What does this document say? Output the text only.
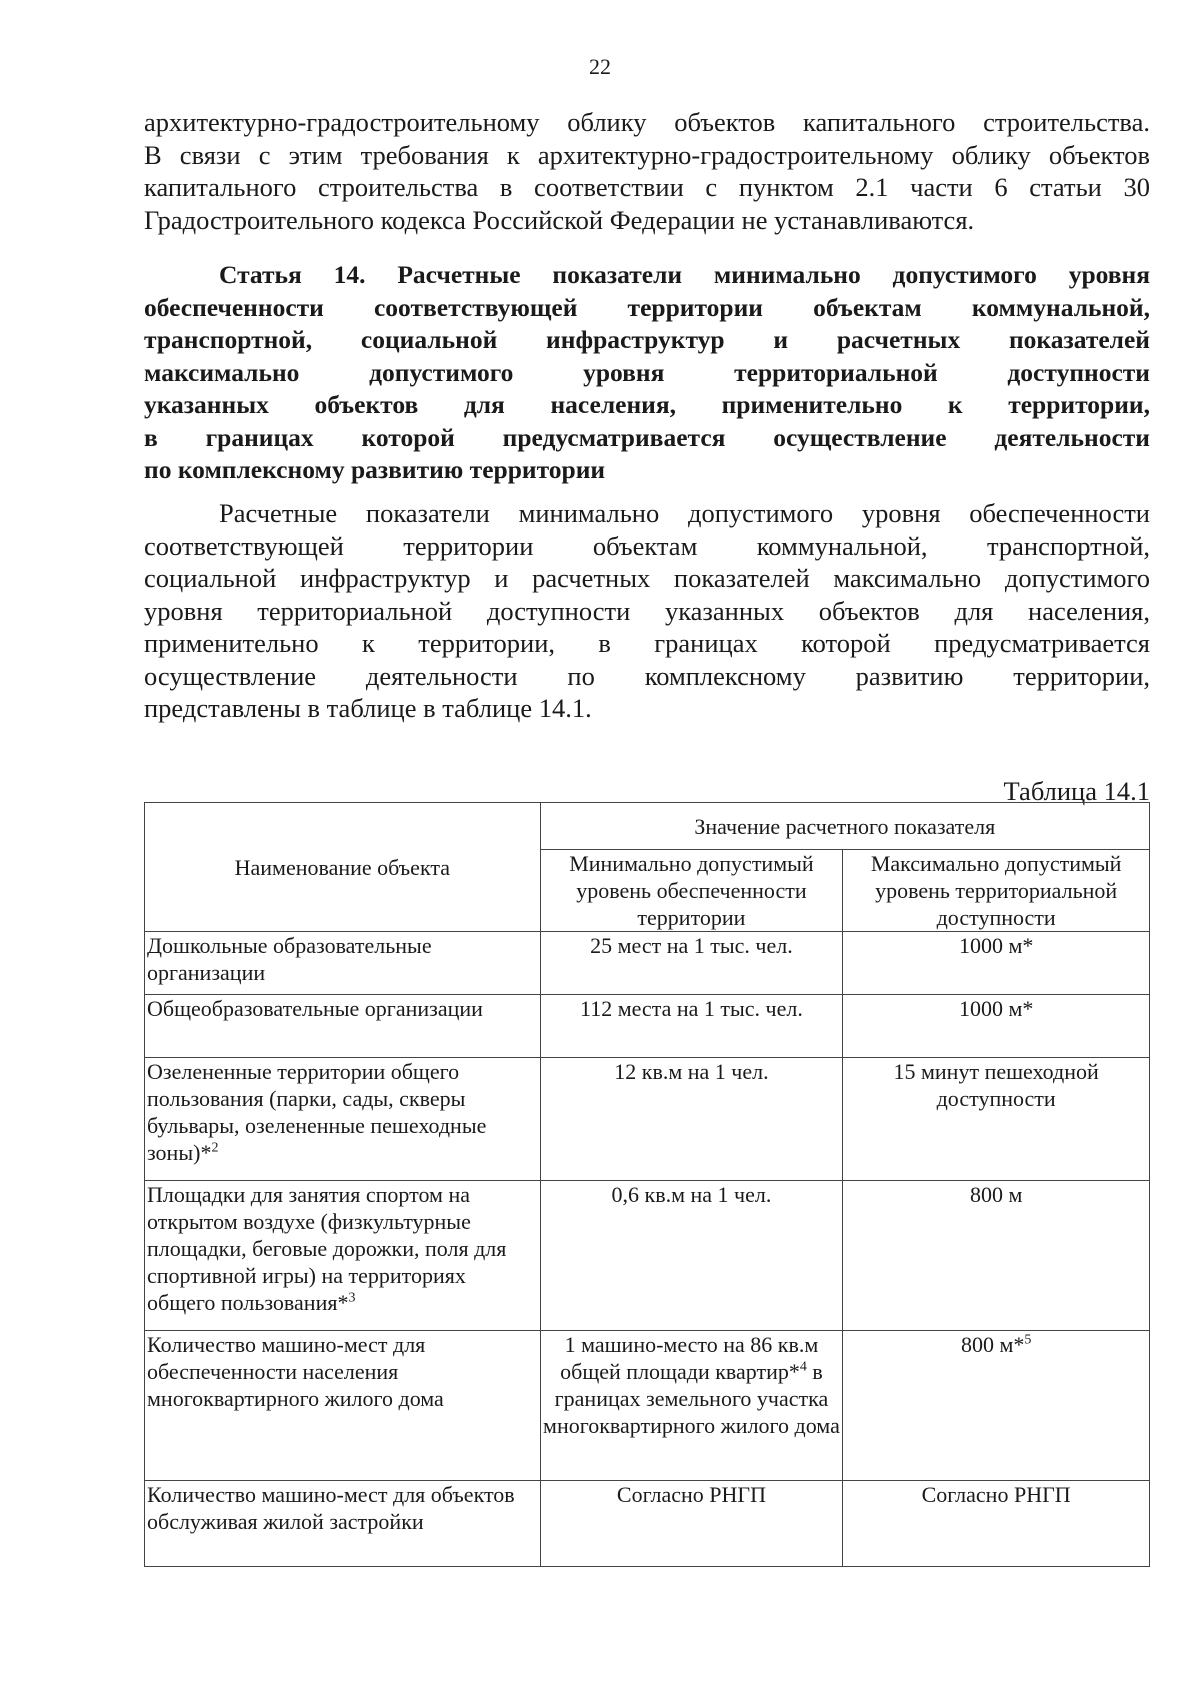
22
архитектурно-градостроительному облику объектов капитального строительства.
В связи с этим требования к архитектурно-градостроительному облику объектов
капитального строительства в соответствии с пунктом 2.1 части 6 статьи 30
Градостроительного кодекса Российской Федерации не устанавливаются.
Статья 14. Расчетные показатели минимально допустимого уровня
обеспеченности соответствующей территории объектам коммунальной,
транспортной, социальной инфраструктур и расчетных показателей
максимально допустимого уровня территориальной доступности
указанных объектов для населения, применительно к территории,
в границах которой предусматривается осуществление деятельности
по комплексному развитию территории
Расчетные показатели минимально допустимого уровня обеспеченности
соответствующей территории объектам коммунальной, транспортной,
социальной инфраструктур и расчетных показателей максимально допустимого
уровня территориальной доступности указанных объектов для населения,
применительно к территории, в границах которой предусматривается
осуществление деятельности по комплексному развитию территории,
представлены в таблице в таблице 14.1.
Таблица 14.1
Наименование объекта	Значение расчетного показателя	
	Минимально допустимый уровень обеспеченности территории	Максимально допустимый уровень территориальной доступности
Дошкольные образовательные организации	25 мест на 1 тыс. чел.	1000 м*
Общеобразовательные организации	112 места на 1 тыс. чел.	1000 м*
Озелененные территории общего пользования (парки, сады, скверы бульвары, озелененные пешеходные зоны)*$^2$	12 кв.м на 1 чел.	15 минут пешеходной доступности
Площадки для занятия спортом на открытом воздухе (физкультурные площадки, беговые дорожки, поля для спортивной игры) на территориях общего пользования*$^3$	0,6 кв.м на 1 чел.	800 м
Количество машино-мест для обеспеченности населения многоквартирного жилого дома	1 машино-место на 86 кв.м общей площади квартир*$^4$ в границах земельного участка многоквартирного жилого дома	800 м*$^5$
Количество машино-мест для объектов обслуживая жилой застройки	Согласно РНГП	Согласно РНГП
